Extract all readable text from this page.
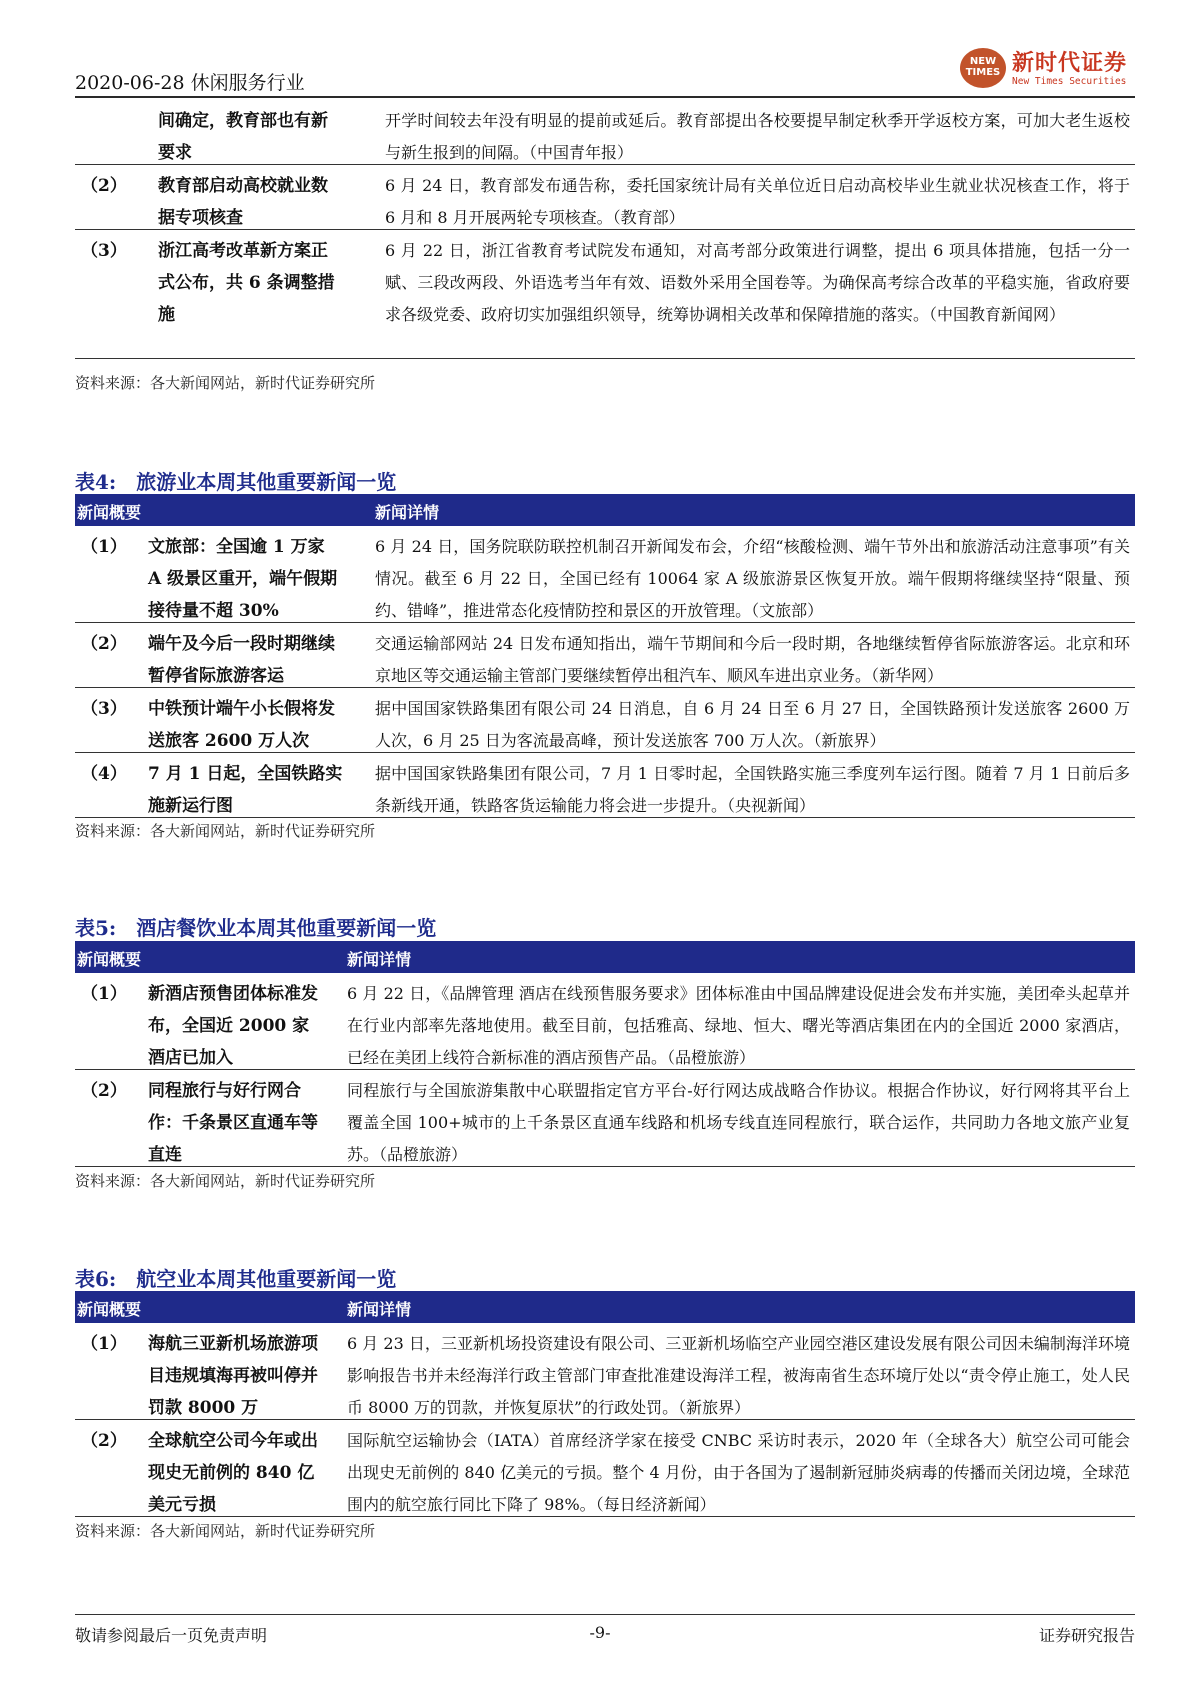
2020-06-28 休闲服务行业
NEW TIMES 新时代证券
New Times Securities
间确定，教育部也有新要求
开学时间较去年没有明显的提前或延后。教育部提出各校要提早制定秋季开学返校方案，可加大老生返校与新生报到的间隔。（中国青年报）
（2） 教育部启动高校就业数据专项核查
6 月 24 日，教育部发布通告称，委托国家统计局有关单位近日启动高校毕业生就业状况核查工作，将于 6 月和 8 月开展两轮专项核查。（教育部）
（3） 浙江高考改革新方案正式公布，共 6 条调整措施
6 月 22 日，浙江省教育考试院发布通知，对高考部分政策进行调整，提出 6 项具体措施，包括一分一赋、三段改两段、外语选考当年有效、语数外采用全国卷等。为确保高考综合改革的平稳实施，省政府要求各级党委、政府切实加强组织领导，统筹协调相关改革和保障措施的落实。（中国教育新闻网）
资料来源：各大新闻网站，新时代证券研究所
表4:　旅游业本周其他重要新闻一览
新闻概要	新闻详情
（1） 文旅部：全国逾 1 万家 A 级景区重开，端午假期接待量不超 30%
6 月 24 日，国务院联防联控机制召开新闻发布会，介绍“核酸检测、端午节外出和旅游活动注意事项”有关情况。截至 6 月 22 日，全国已经有 10064 家 A 级旅游景区恢复开放。端午假期将继续坚持“限量、预约、错峰”，推进常态化疫情防控和景区的开放管理。（文旅部）
（2） 端午及今后一段时期继续暂停省际旅游客运
交通运输部网站 24 日发布通知指出，端午节期间和今后一段时期，各地继续暂停省际旅游客运。北京和环京地区等交通运输主管部门要继续暂停出租汽车、顺风车进出京业务。（新华网）
（3） 中铁预计端午小长假将发送旅客 2600 万人次
据中国国家铁路集团有限公司 24 日消息，自 6 月 24 日至 6 月 27 日，全国铁路预计发送旅客 2600 万人次，6 月 25 日为客流最高峰，预计发送旅客 700 万人次。（新旅界）
（4） 7 月 1 日起，全国铁路实施新运行图
据中国国家铁路集团有限公司，7 月 1 日零时起，全国铁路实施三季度列车运行图。随着 7 月 1 日前后多条新线开通，铁路客货运输能力将会进一步提升。（央视新闻）
资料来源：各大新闻网站，新时代证券研究所
表5:　酒店餐饮业本周其他重要新闻一览
新闻概要	新闻详情
（1） 新酒店预售团体标准发布，全国近 2000 家酒店已加入
6 月 22 日，《品牌管理 酒店在线预售服务要求》团体标准由中国品牌建设促进会发布并实施，美团牵头起草并在行业内部率先落地使用。截至目前，包括雅高、绿地、恒大、曙光等酒店集团在内的全国近 2000 家酒店，已经在美团上线符合新标准的酒店预售产品。（品橙旅游）
（2） 同程旅行与好行网合作：千条景区直通车等直连
同程旅行与全国旅游集散中心联盟指定官方平台-好行网达成战略合作协议。根据合作协议，好行网将其平台上覆盖全国 100+城市的上千条景区直通车线路和机场专线直连同程旅行，联合运作，共同助力各地文旅产业复苏。（品橙旅游）
资料来源：各大新闻网站，新时代证券研究所
表6:　航空业本周其他重要新闻一览
新闻概要	新闻详情
（1） 海航三亚新机场旅游项目违规填海再被叫停并罚款 8000 万
6 月 23 日，三亚新机场投资建设有限公司、三亚新机场临空产业园空港区建设发展有限公司因未编制海洋环境影响报告书并未经海洋行政主管部门审查批准建设海洋工程，被海南省生态环境厅处以“责令停止施工，处人民币 8000 万的罚款，并恢复原状”的行政处罚。（新旅界）
（2） 全球航空公司今年或出现史无前例的 840 亿美元亏损
国际航空运输协会（IATA）首席经济学家在接受 CNBC 采访时表示，2020 年（全球各大）航空公司可能会出现史无前例的 840 亿美元的亏损。整个 4 月份，由于各国为了遏制新冠肺炎病毒的传播而关闭边境，全球范围内的航空旅行同比下降了 98%。（每日经济新闻）
资料来源：各大新闻网站，新时代证券研究所
敬请参阅最后一页免责声明	-9-	证券研究报告
